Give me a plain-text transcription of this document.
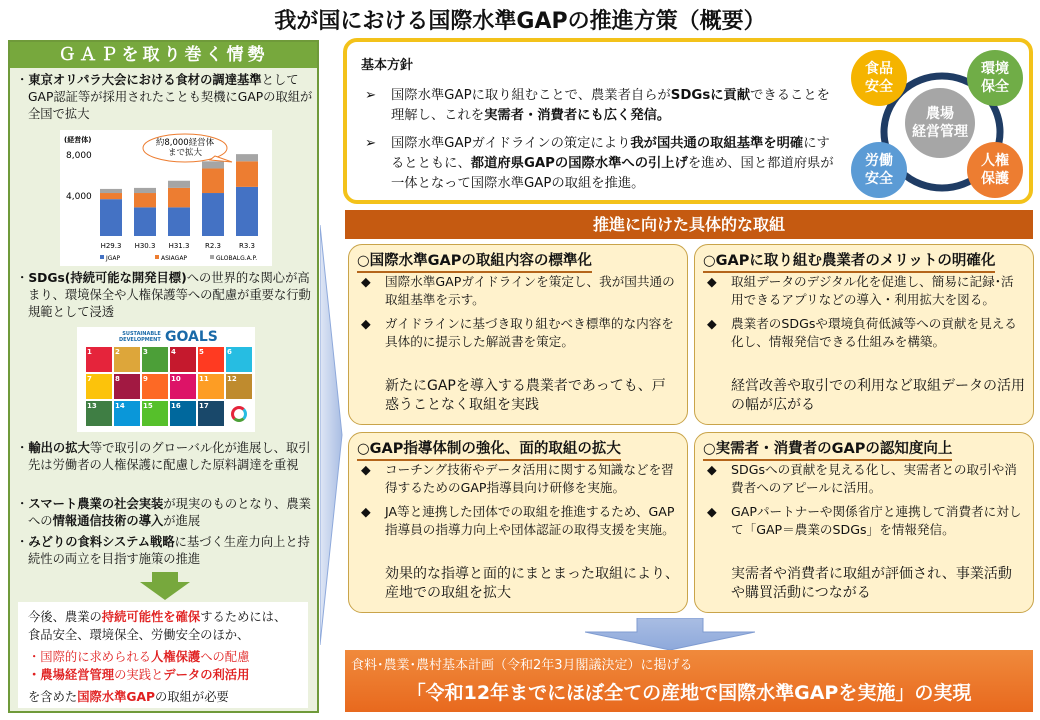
我が国における国際水準GAPの推進方策（概要）
ＧＡＰを取り巻く情勢
・東京オリパラ大会における食材の調達基準としてGAP認証等が採用されたことも契機にGAPの取組が全国で拡大
(経営体)
8,000
4,000
H29.3 H30.3 H31.3 R2.3	R3.3
JGAP	ASIAGAP	GLOBALG.A.P.
約8,000経営体
まで拡大
・SDGs(持続可能な開発目標)への世界的な関心が高まり、環境保全や人権保護等への配慮が重要な行動規範として浸透
SUSTAINABLE
DEVELOPMENT GOALS
1	2	3	4	5	6
7	8	9	10	11	12
13	14	15	16	17
・輸出の拡大等で取引のグローバル化が進展し、取引先は労働者の人権保護に配慮した原料調達を重視
・スマート農業の社会実装が現実のものとなり、農業への情報通信技術の導入が進展
・みどりの食料システム戦略に基づく生産力向上と持続性の両立を目指す施策の推進
今後、農業の持続可能性を確保するためには、食品安全、環境保全、労働安全のほか、
・国際的に求められる人権保護への配慮
・農場経営管理の実践とデータの利活用
を含めた国際水準GAPの取組が必要
基本方針
➢ 国際水準GAPに取り組むことで、農業者自らがSDGsに貢献できることを理解し、これを実需者・消費者にも広く発信。
➢ 国際水準GAPガイドラインの策定により我が国共通の取組基準を明確にするとともに、都道府県GAPの国際水準への引上げを進め、国と都道府県が一体となって国際水準GAPの取組を推進。
農場
経営管理
食品
安全
環境
保全
労働
安全
人権
保護
推進に向けた具体的な取組
○国際水準GAPの取組内容の標準化
◆ 国際水準GAPガイドラインを策定し、我が国共通の取組基準を示す。
◆ ガイドラインに基づき取り組むべき標準的な内容を具体的に提示した解説書を策定。
新たにGAPを導入する農業者であっても、戸惑うことなく取組を実践
○GAPに取り組む農業者のメリットの明確化
◆ 取組データのデジタル化を促進し、簡易に記録･活用できるアプリなどの導入・利用拡大を図る。
◆ 農業者のSDGsや環境負荷低減等への貢献を見える化し、情報発信できる仕組みを構築。
経営改善や取引での利用など取組データの活用の幅が広がる
○GAP指導体制の強化、面的取組の拡大
◆ コーチング技術やデータ活用に関する知識などを習得するためのGAP指導員向け研修を実施。
◆ JA等と連携した団体での取組を推進するため、GAP指導員の指導力向上や団体認証の取得支援を実施。
効果的な指導と面的にまとまった取組により、産地での取組を拡大
○実需者・消費者のGAPの認知度向上
◆ SDGsへの貢献を見える化し、実需者との取引や消費者へのアピールに活用。
◆ GAPパートナーや関係省庁と連携して消費者に対して「GAP＝農業のSDGs」を情報発信。
実需者や消費者に取組が評価され、事業活動や購買活動につながる
食料･農業･農村基本計画（令和2年3月閣議決定）に掲げる
「令和12年までにほぼ全ての産地で国際水準GAPを実施」の実現
